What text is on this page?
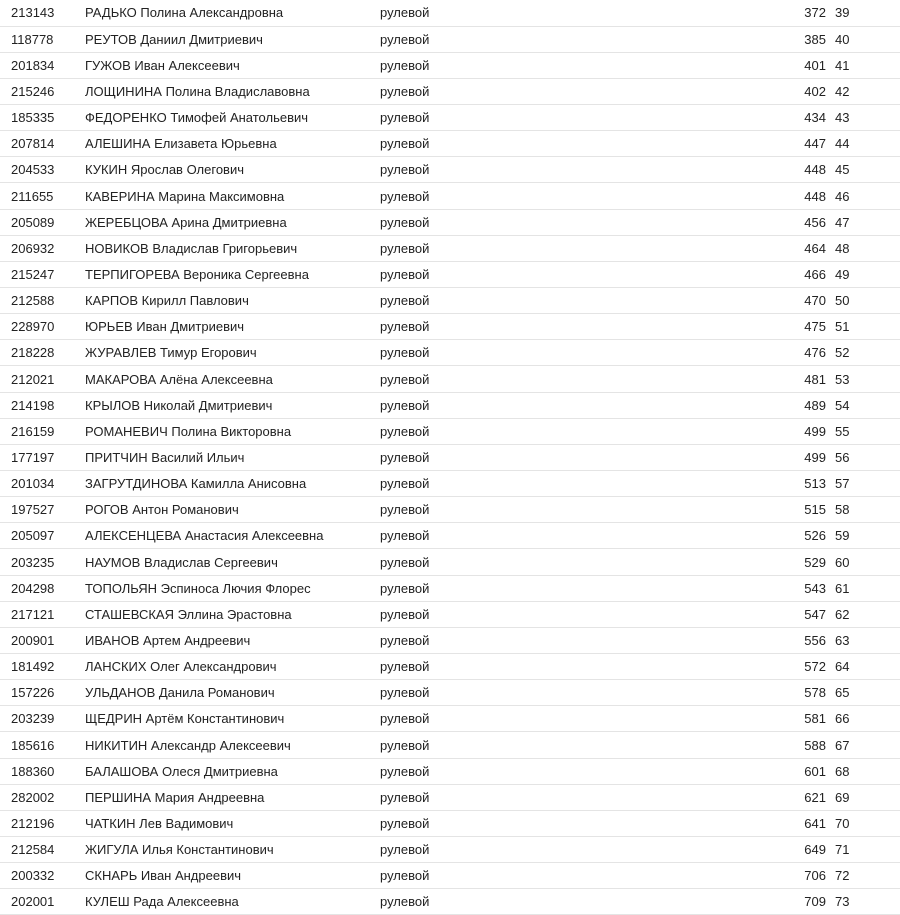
213143	РАДЬКО Полина Александровна	рулевой	372	39
118778	РЕУТОВ Даниил Дмитриевич	рулевой	385	40
201834	ГУЖОВ Иван Алексеевич	рулевой	401	41
215246	ЛОЩИНИНА Полина Владиславовна	рулевой	402	42
185335	ФЕДОРЕНКО Тимофей Анатольевич	рулевой	434	43
207814	АЛЕШИНА Елизавета Юрьевна	рулевой	447	44
204533	КУКИН Ярослав Олегович	рулевой	448	45
211655	КАВЕРИНА Марина Максимовна	рулевой	448	46
205089	ЖЕРЕБЦОВА Арина Дмитриевна	рулевой	456	47
206932	НОВИКОВ Владислав Григорьевич	рулевой	464	48
215247	ТЕРПИГОРЕВА Вероника Сергеевна	рулевой	466	49
212588	КАРПОВ Кирилл Павлович	рулевой	470	50
228970	ЮРЬЕВ Иван Дмитриевич	рулевой	475	51
218228	ЖУРАВЛЕВ Тимур Егорович	рулевой	476	52
212021	МАКАРОВА Алёна Алексеевна	рулевой	481	53
214198	КРЫЛОВ Николай Дмитриевич	рулевой	489	54
216159	РОМАНЕВИЧ Полина Викторовна	рулевой	499	55
177197	ПРИТЧИН Василий Ильич	рулевой	499	56
201034	ЗАГРУТДИНОВА Камилла Анисовна	рулевой	513	57
197527	РОГОВ Антон Романович	рулевой	515	58
205097	АЛЕКСЕНЦЕВА Анастасия Алексеевна	рулевой	526	59
203235	НАУМОВ Владислав Сергеевич	рулевой	529	60
204298	ТОПОЛЬЯН Эспиноса Лючия Флорес	рулевой	543	61
217121	СТАШЕВСКАЯ Эллина Эрастовна	рулевой	547	62
200901	ИВАНОВ Артем Андреевич	рулевой	556	63
181492	ЛАНСКИХ Олег Александрович	рулевой	572	64
157226	УЛЬДАНОВ Данила Романович	рулевой	578	65
203239	ЩЕДРИН Артём Константинович	рулевой	581	66
185616	НИКИТИН Александр Алексеевич	рулевой	588	67
188360	БАЛАШОВА Олеся Дмитриевна	рулевой	601	68
282002	ПЕРШИНА Мария Андреевна	рулевой	621	69
212196	ЧАТКИН Лев Вадимович	рулевой	641	70
212584	ЖИГУЛА Илья Константинович	рулевой	649	71
200332	СКНАРЬ Иван Андреевич	рулевой	706	72
202001	КУЛЕШ Рада Алексеевна	рулевой	709	73
